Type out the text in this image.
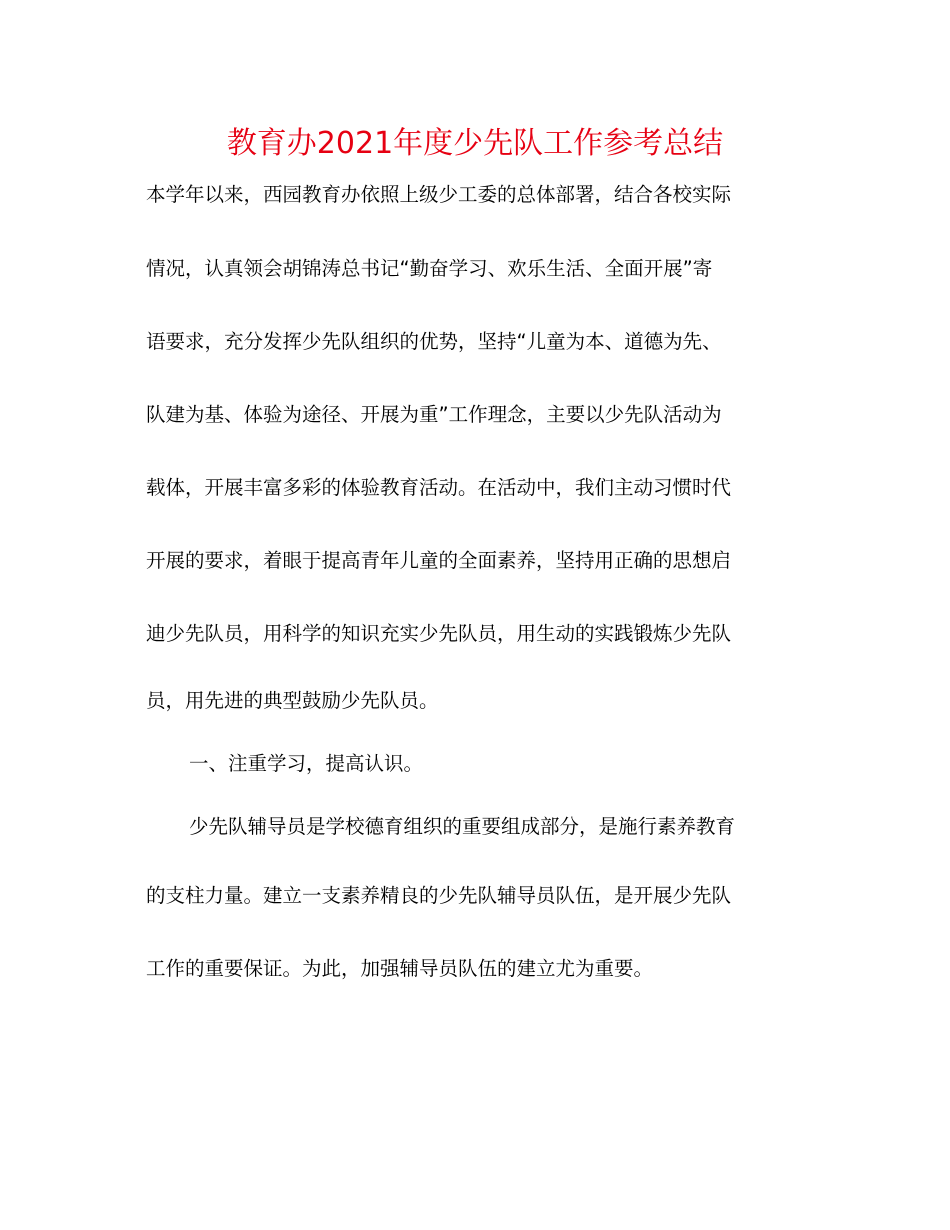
教育办2021年度少先队工作参考总结

本学年以来，西园教育办依照上级少工委的总体部署，结合各校实际

情况，认真领会胡锦涛总书记“勤奋学习、欢乐生活、全面开展”寄

语要求，充分发挥少先队组织的优势，坚持“儿童为本、道德为先、

队建为基、体验为途径、开展为重”工作理念，主要以少先队活动为

载体，开展丰富多彩的体验教育活动。在活动中，我们主动习惯时代

开展的要求，着眼于提高青年儿童的全面素养，坚持用正确的思想启

迪少先队员，用科学的知识充实少先队员，用生动的实践锻炼少先队

员，用先进的典型鼓励少先队员。

一、注重学习，提高认识。

少先队辅导员是学校德育组织的重要组成部分，是施行素养教育

的支柱力量。建立一支素养精良的少先队辅导员队伍，是开展少先队

工作的重要保证。为此，加强辅导员队伍的建立尤为重要。
